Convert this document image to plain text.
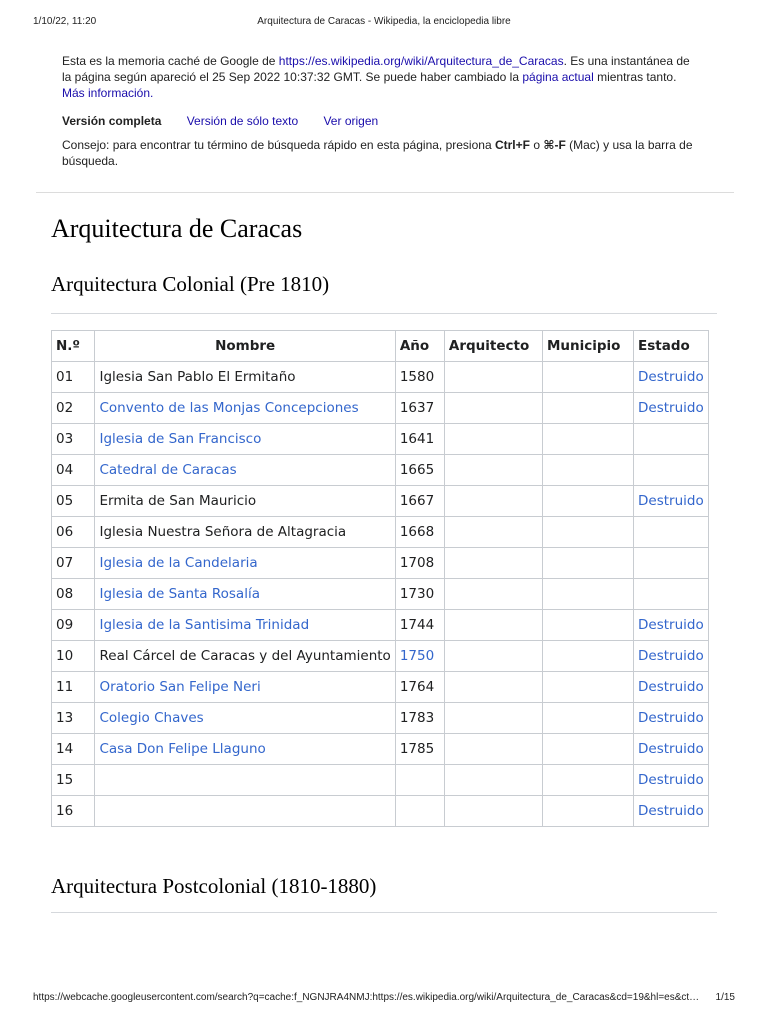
1/10/22, 11:20	Arquitectura de Caracas - Wikipedia, la enciclopedia libre
Esta es la memoria caché de Google de https://es.wikipedia.org/wiki/Arquitectura_de_Caracas. Es una instantánea de la página según apareció el 25 Sep 2022 10:37:32 GMT. Se puede haber cambiado la página actual mientras tanto. Más información.
Versión completa Versión de sólo texto Ver origen
Consejo: para encontrar tu término de búsqueda rápido en esta página, presiona Ctrl+F o ⌘-F (Mac) y usa la barra de búsqueda.
Arquitectura de Caracas
Arquitectura Colonial (Pre 1810)
N.º	Nombre	Año	Arquitecto	Municipio	Estado
01	Iglesia San Pablo El Ermitaño	1580			Destruido
02	Convento de las Monjas Concepciones	1637			Destruido
03	Iglesia de San Francisco	1641			
04	Catedral de Caracas	1665			
05	Ermita de San Mauricio	1667			Destruido
06	Iglesia Nuestra Señora de Altagracia	1668			
07	Iglesia de la Candelaria	1708			
08	Iglesia de Santa Rosalía	1730			
09	Iglesia de la Santisima Trinidad	1744			Destruido
10	Real Cárcel de Caracas y del Ayuntamiento	1750			Destruido
11	Oratorio San Felipe Neri	1764			Destruido
13	Colegio Chaves	1783			Destruido
14	Casa Don Felipe Llaguno	1785			Destruido
15					Destruido
16					Destruido
Arquitectura Postcolonial (1810-1880)
https://webcache.googleusercontent.com/search?q=cache:f_NGNJRA4NMJ:https://es.wikipedia.org/wiki/Arquitectura_de_Caracas&cd=19&hl=es&ct… 1/15
